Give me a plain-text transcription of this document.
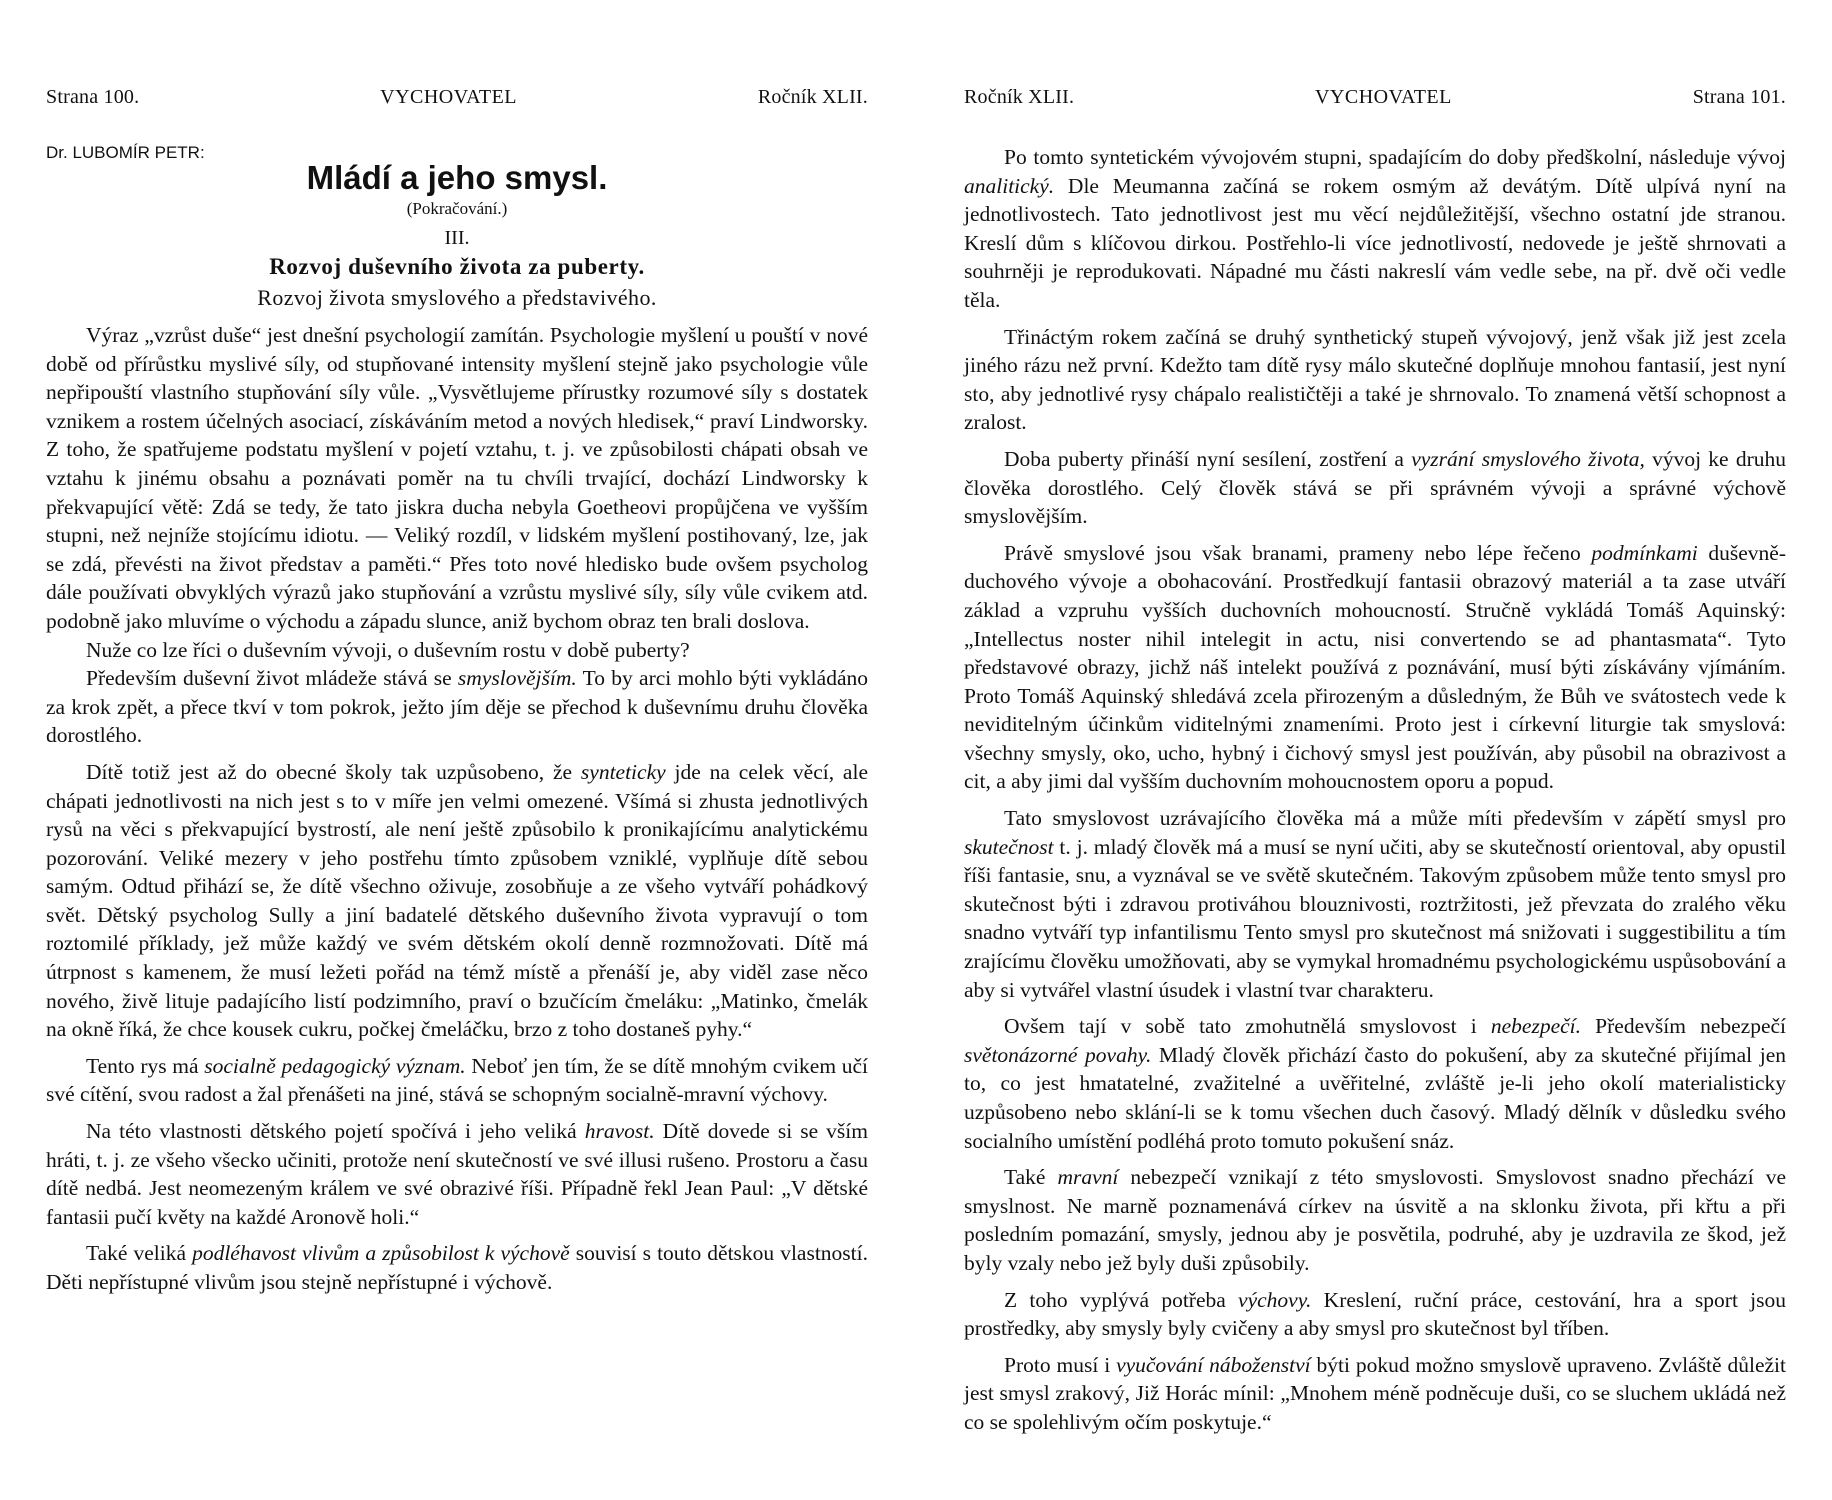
Strana 100.	VYCHOVATEL	Ročník XLII.

Dr. LUBOMÍR PETR:

Mládí a jeho smysl.

(Pokračování.)

III.

Rozvoj duševního života za puberty.

Rozvoj života smyslového a představivého.

Výraz „vzrůst duše“ jest dnešní psychologií zamítán. Psychologie myšlení u pouští v nové době od přírůstku myslivé síly, od stupňované intensity myšlení stejně jako psychologie vůle nepřipouští vlastního stupňování síly vůle. „Vysvětlujeme přírustky rozumové síly s dostatek vznikem a rostem účelných asociací, získáváním metod a nových hledisek,“ praví Lindworsky. Z toho, že spatřujeme podstatu myšlení v pojetí vztahu, t. j. ve způsobilosti chápati obsah ve vztahu k jinému obsahu a poznávati poměr na tu chvíli trvající, dochází Lindworsky k překvapující větě: Zdá se tedy, že tato jiskra ducha nebyla Goetheovi propůjčena ve vyšším stupni, než nejníže stojícímu idiotu. — Veliký rozdíl, v lidském myšlení postihovaný, lze, jak se zdá, převésti na život představ a paměti.“ Přes toto nové hledisko bude ovšem psycholog dále používati obvyklých výrazů jako stupňování a vzrůstu myslivé síly, síly vůle cvikem atd. podobně jako mluvíme o východu a západu slunce, aniž bychom obraz ten brali doslova.

Nuže co lze říci o duševním vývoji, o duševním rostu v době puberty?

Především duševní život mládeže stává se smyslovějším. To by arci mohlo býti vykládáno za krok zpět, a přece tkví v tom pokrok, ježto jím děje se přechod k duševnímu druhu člověka dorostlého.

Dítě totiž jest až do obecné školy tak uzpůsobeno, že synteticky jde na celek věcí, ale chápati jednotlivosti na nich jest s to v míře jen velmi omezené. Všímá si zhusta jednotlivých rysů na věci s překvapující bystrostí, ale není ještě způsobilo k pronikajícímu analytickému pozorování. Veliké mezery v jeho postřehu tímto způsobem vzniklé, vyplňuje dítě sebou samým. Odtud přihází se, že dítě všechno oživuje, zosobňuje a ze všeho vytváří pohádkový svět. Dětský psycholog Sully a jiní badatelé dětského duševního života vypravují o tom roztomilé příklady, jež může každý ve svém dětském okolí denně rozmnožovati. Dítě má útrpnost s kamenem, že musí ležeti pořád na témž místě a přenáší je, aby viděl zase něco nového, živě lituje padajícího listí podzimního, praví o bzučícím čmeláku: „Matinko, čmelák na okně říká, že chce kousek cukru, počkej čmeláčku, brzo z toho dostaneš pyhy.“

Tento rys má socialně pedagogický význam. Neboť jen tím, že se dítě mnohým cvikem učí své cítění, svou radost a žal přenášeti na jiné, stává se schopným socialně-mravní výchovy.

Na této vlastnosti dětského pojetí spočívá i jeho veliká hravost. Dítě dovede si se vším hráti, t. j. ze všeho všecko učiniti, protože není skutečností ve své illusi rušeno. Prostoru a času dítě nedbá. Jest neomezeným králem ve své obrazivé říši. Případně řekl Jean Paul: „V dětské fantasii pučí květy na každé Aronově holi.“

Také veliká podléhavost vlivům a způsobilost k výchově souvisí s touto dětskou vlastností. Děti nepřístupné vlivům jsou stejně nepřístupné i výchově.

Ročník XLII.	VYCHOVATEL	Strana 101.

Po tomto syntetickém vývojovém stupni, spadajícím do doby předškolní, následuje vývoj analitický. Dle Meumanna začíná se rokem osmým až devátým. Dítě ulpívá nyní na jednotlivostech. Tato jednotlivost jest mu věcí nejdůležitější, všechno ostatní jde stranou. Kreslí dům s klíčovou dirkou. Postřehlo-li více jednotlivostí, nedovede je ještě shrnovati a souhrněji je reprodukovati. Nápadné mu části nakreslí vám vedle sebe, na př. dvě oči vedle těla.

Třináctým rokem začíná se druhý synthetický stupeň vývojový, jenž však již jest zcela jiného rázu než první. Kdežto tam dítě rysy málo skutečné doplňuje mnohou fantasií, jest nyní sto, aby jednotlivé rysy chápalo realističtěji a také je shrnovalo. To znamená větší schopnost a zralost.

Doba puberty přináší nyní sesílení, zostření a vyzrání smyslového života, vývoj ke druhu člověka dorostlého. Celý člověk stává se při správném vývoji a správné výchově smyslovějším.

Právě smyslové jsou však branami, prameny nebo lépe řečeno podmínkami duševně-duchového vývoje a obohacování. Prostředkují fantasii obrazový materiál a ta zase utváří základ a vzpruhu vyšších duchovních mohoucností. Stručně vykládá Tomáš Aquinský: „Intellectus noster nihil intelegit in actu, nisi convertendo se ad phantasmata“. Tyto představové obrazy, jichž náš intelekt používá z poznávání, musí býti získávány vjímáním. Proto Tomáš Aquinský shledává zcela přirozeným a důsledným, že Bůh ve svátostech vede k neviditelným účinkům viditelnými znameními. Proto jest i církevní liturgie tak smyslová: všechny smysly, oko, ucho, hybný i čichový smysl jest používán, aby působil na obrazivost a cit, a aby jimi dal vyšším duchovním mohoucnostem oporu a popud.

Tato smyslovost uzrávajícího člověka má a může míti především v zápětí smysl pro skutečnost t. j. mladý člověk má a musí se nyní učiti, aby se skutečností orientoval, aby opustil říši fantasie, snu, a vyznával se ve světě skutečném. Takovým způsobem může tento smysl pro skutečnost býti i zdravou protiváhou blouznivosti, roztržitosti, jež převzata do zralého věku snadno vytváří typ infantilismu Tento smysl pro skutečnost má snižovati i suggestibilitu a tím zrajícímu člověku umožňovati, aby se vymykal hromadnému psychologickému uspůsobování a aby si vytvářel vlastní úsudek i vlastní tvar charakteru.

Ovšem tají v sobě tato zmohutnělá smyslovost i nebezpečí. Především nebezpečí světonázorné povahy. Mladý člověk přichází často do pokušení, aby za skutečné přijímal jen to, co jest hmatatelné, zvažitelné a uvěřitelné, zvláště je-li jeho okolí materialisticky uzpůsobeno nebo sklání-li se k tomu všechen duch časový. Mladý dělník v důsledku svého socialního umístění podléhá proto tomuto pokušení snáz.

Také mravní nebezpečí vznikají z této smyslovosti. Smyslovost snadno přechází ve smyslnost. Ne marně poznamenává církev na úsvitě a na sklonku života, při křtu a při posledním pomazání, smysly, jednou aby je posvětila, podruhé, aby je uzdravila ze škod, jež byly vzaly nebo jež byly duši způsobily.

Z toho vyplývá potřeba výchovy. Kreslení, ruční práce, cestování, hra a sport jsou prostředky, aby smysly byly cvičeny a aby smysl pro skutečnost byl tříben.

Proto musí i vyučování náboženství býti pokud možno smyslově upraveno. Zvláště důležit jest smysl zrakový, Již Horác mínil: „Mnohem méně podněcuje duši, co se sluchem ukládá než co se spolehlivým očím poskytuje.“
